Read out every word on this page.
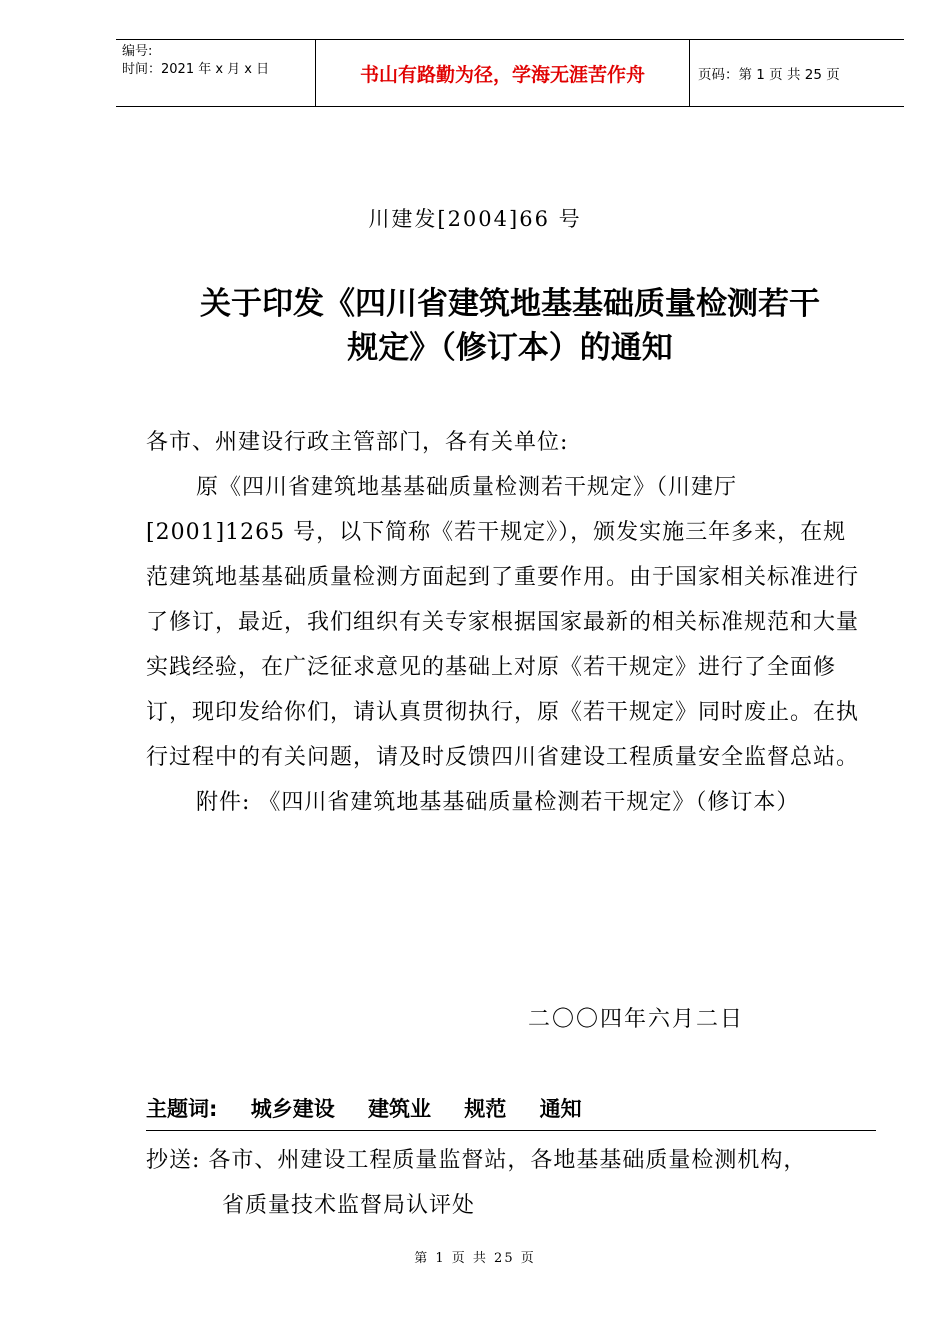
编号:
时间：2021 年 x 月 x 日	书山有路勤为径，学海无涯苦作舟	页码：第 1 页 共 25 页
川建发[2004]66 号
关于印发《四川省建筑地基基础质量检测若干
规定》（修订本）的通知

各市、州建设行政主管部门，各有关单位:

原《四川省建筑地基基础质量检测若干规定》（川建厅[2001]1265 号，以下简称《若干规定》），颁发实施三年多来，在规范建筑地基基础质量检测方面起到了重要作用。由于国家相关标准进行了修订，最近，我们组织有关专家根据国家最新的相关标准规范和大量实践经验，在广泛征求意见的基础上对原《若干规定》进行了全面修订，现印发给你们，请认真贯彻执行，原《若干规定》同时废止。在执行过程中的有关问题，请及时反馈四川省建设工程质量安全监督总站。

附件: 《四川省建筑地基基础质量检测若干规定》（修订本）

二〇〇四年六月二日
主题词: 城乡建设 建筑业 规范 通知
抄送: 各市、州建设工程质量监督站，各地基基础质量检测机构，
省质量技术监督局认评处
第 1 页 共 25 页
